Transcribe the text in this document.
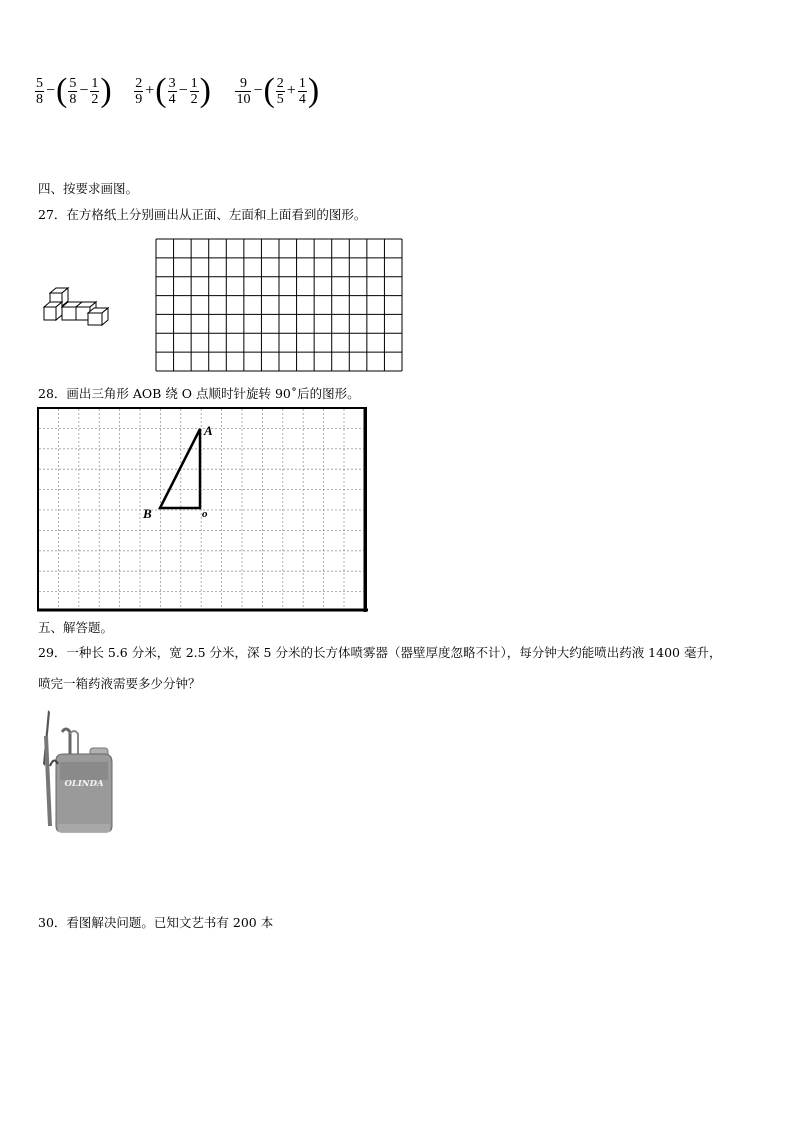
$\frac{5}{8}$ − ( $\frac{5}{8} - \frac{1}{2}$ )
$\frac{2}{9}$ + ( $\frac{3}{4} - \frac{1}{2}$ )
$\frac{9}{10}$ − ( $\frac{2}{5} + \frac{1}{4}$ )
四、按要求画图。
27．在方格纸上分别画出从正面、左面和上面看到的图形。
28．画出三角形 AOB 绕 O 点顺时针旋转 90˚后的图形。
A
B	o
五、解答题。
29．一种长 5.6 分米，宽 2.5 分米，深 5 分米的长方体喷雾器（器壁厚度忽略不计），每分钟大约能喷出药液 1400 毫升，
喷完一箱药液需要多少分钟？
OLINDA
30．看图解决问题。已知文艺书有 200 本
